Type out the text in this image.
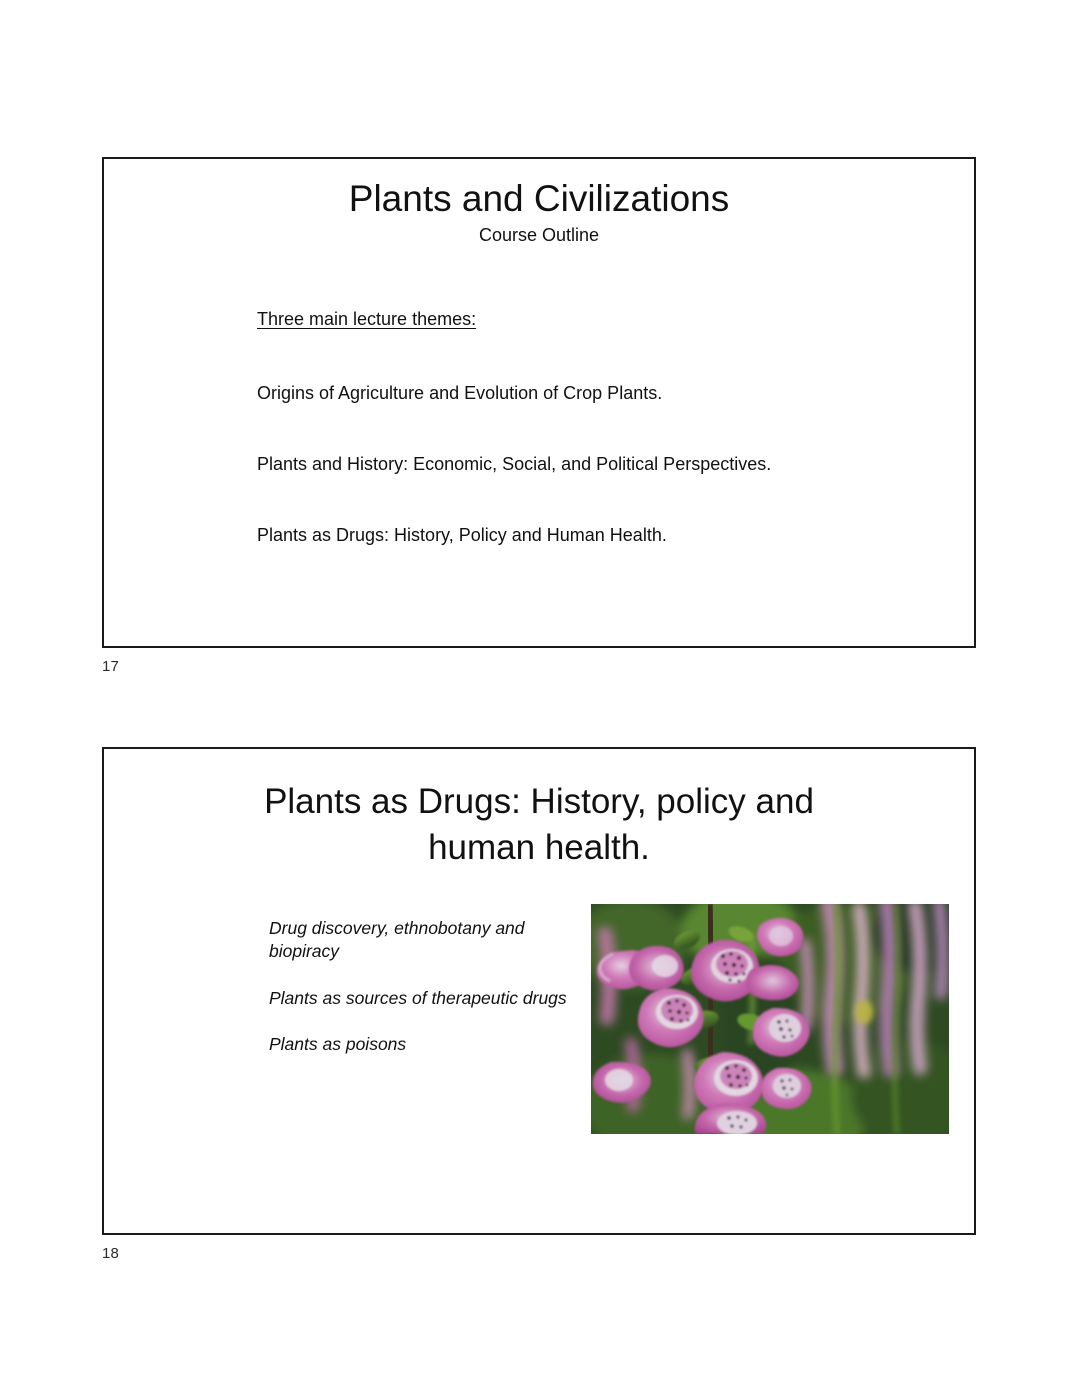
Plants and Civilizations
Course Outline
Three main lecture themes:

Origins of Agriculture and Evolution of Crop Plants.

Plants and History: Economic, Social, and Political Perspectives.

Plants as Drugs: History, Policy and Human Health.

17
Plants as Drugs: History, policy and human health.

Drug discovery, ethnobotany and biopiracy

Plants as sources of therapeutic drugs

Plants as poisons

18
